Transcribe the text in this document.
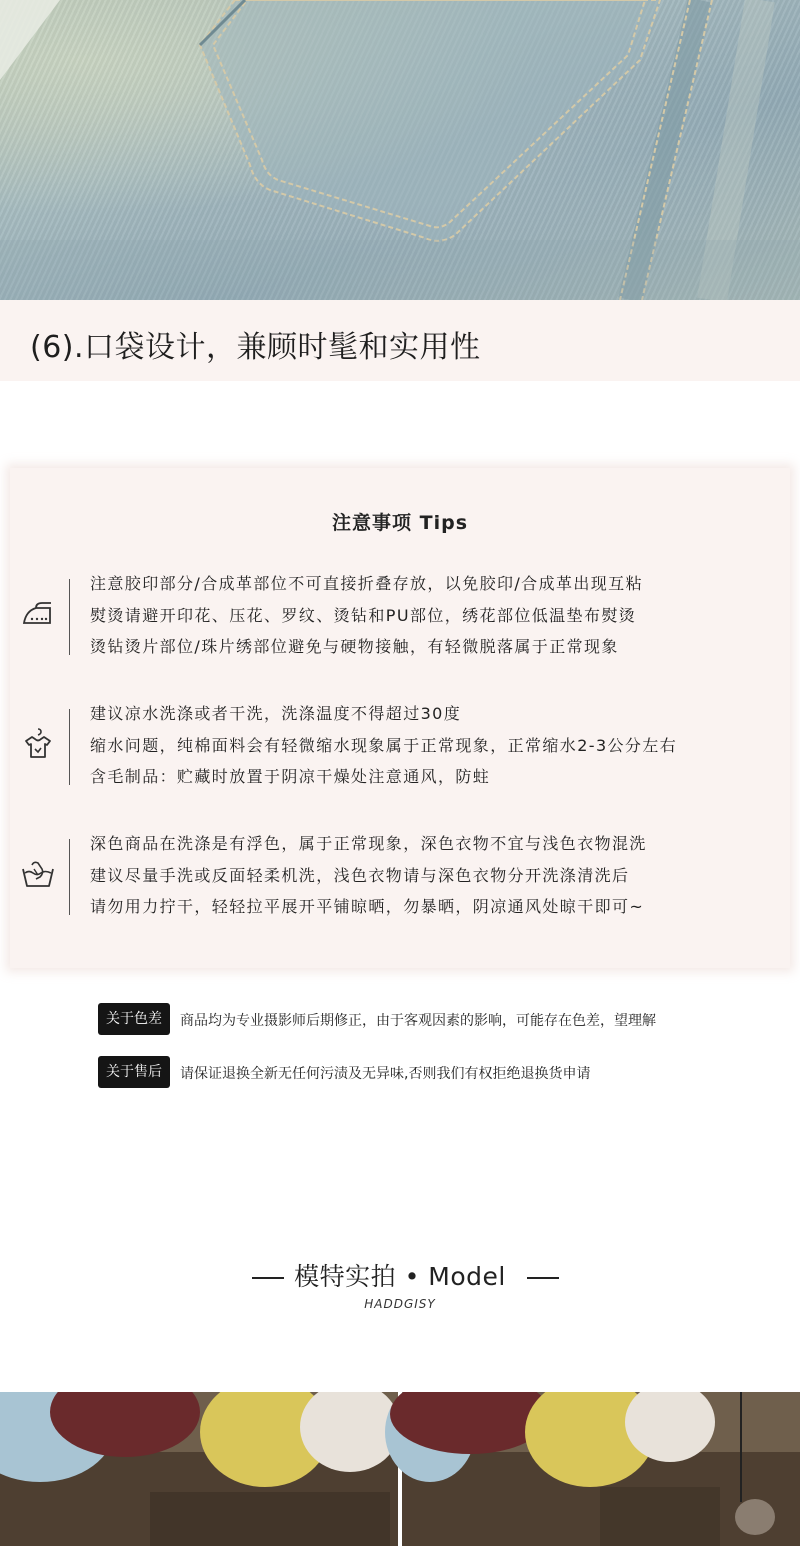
(6).口袋设计，兼顾时髦和实用性
注意事项 Tips
注意胶印部分/合成革部位不可直接折叠存放，以免胶印/合成革出现互粘
熨烫请避开印花、压花、罗纹、烫钻和PU部位，绣花部位低温垫布熨烫
烫钻烫片部位/珠片绣部位避免与硬物接触，有轻微脱落属于正常现象
建议凉水洗涤或者干洗，洗涤温度不得超过30度
缩水问题，纯棉面料会有轻微缩水现象属于正常现象，正常缩水2-3公分左右
含毛制品：贮藏时放置于阴凉干燥处注意通风，防蛀
深色商品在洗涤是有浮色，属于正常现象，深色衣物不宜与浅色衣物混洗
建议尽量手洗或反面轻柔机洗，浅色衣物请与深色衣物分开洗涤清洗后
请勿用力拧干，轻轻拉平展开平铺晾晒，勿暴晒，阴凉通风处晾干即可~
关于色差	商品均为专业摄影师后期修正，由于客观因素的影响，可能存在色差，望理解
关于售后	请保证退换全新无任何污渍及无异味,否则我们有权拒绝退换货申请
模特实拍 • Model
HADDGISY
